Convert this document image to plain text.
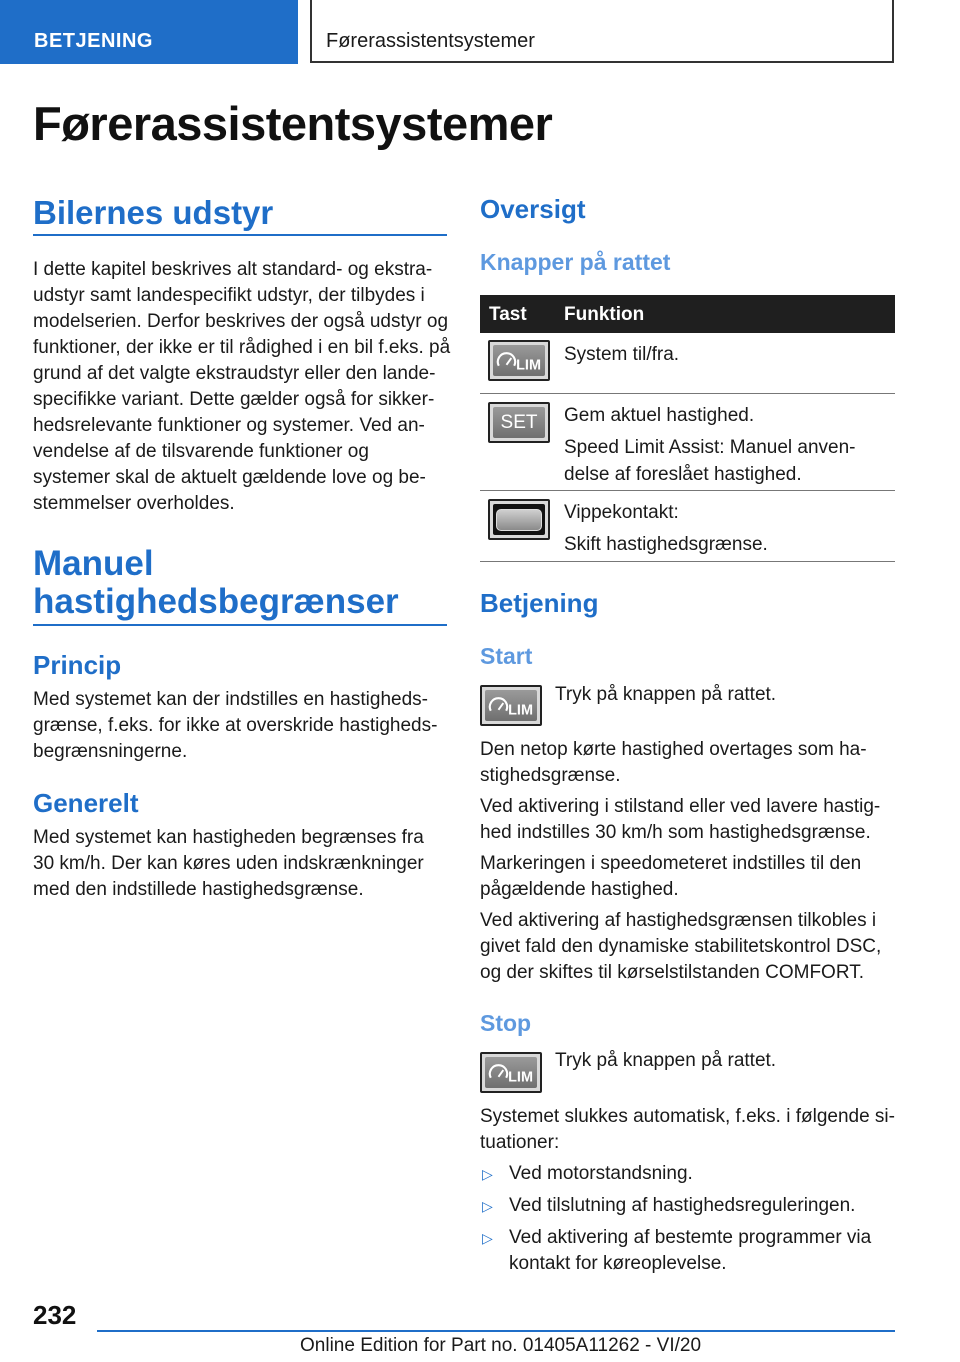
BETJENING	Førerassistentsystemer
Førerassistentsystemer
Bilernes udstyr
I dette kapitel beskrives alt standard- og ekstra-
udstyr samt landespecifikt udstyr, der tilbydes i
modelserien. Derfor beskrives der også udstyr og
funktioner, der ikke er til rådighed i en bil f.eks. på
grund af det valgte ekstraudstyr eller den lande-
specifikke variant. Dette gælder også for sikker-
hedsrelevante funktioner og systemer. Ved an-
vendelse af de tilsvarende funktioner og
systemer skal de aktuelt gældende love og be-
stemmelser overholdes.
Manuel
hastighedsbegrænser
Princip
Med systemet kan der indstilles en hastigheds-
grænse, f.eks. for ikke at overskride hastigheds-
begrænsningerne.
Generelt
Med systemet kan hastigheden begrænses fra
30 km/h. Der kan køres uden indskrænkninger
med den indstillede hastighedsgrænse.
Oversigt
Knapper på rattet
Tast Funktion
LIM
System til/fra.
SET Gem aktuel hastighed.
Speed Limit Assist: Manuel anven-
delse af foreslået hastighed.
Vippekontakt:
Skift hastighedsgrænse.
Betjening
Start
LIM
Tryk på knappen på rattet.
Den netop kørte hastighed overtages som ha-
stighedsgrænse.
Ved aktivering i stilstand eller ved lavere hastig-
hed indstilles 30 km/h som hastighedsgrænse.
Markeringen i speedometeret indstilles til den
pågældende hastighed.
Ved aktivering af hastighedsgrænsen tilkobles i
givet fald den dynamiske stabilitetskontrol DSC,
og der skiftes til kørselstilstanden COMFORT.
Stop
LIM
Tryk på knappen på rattet.
Systemet slukkes automatisk, f.eks. i følgende si-
tuationer:
▷ Ved motorstandsning.
▷ Ved tilslutning af hastighedsreguleringen.
▷ Ved aktivering af bestemte programmer via
kontakt for køreoplevelse.
232
Online Edition for Part no. 01405A11262 - VI/20
